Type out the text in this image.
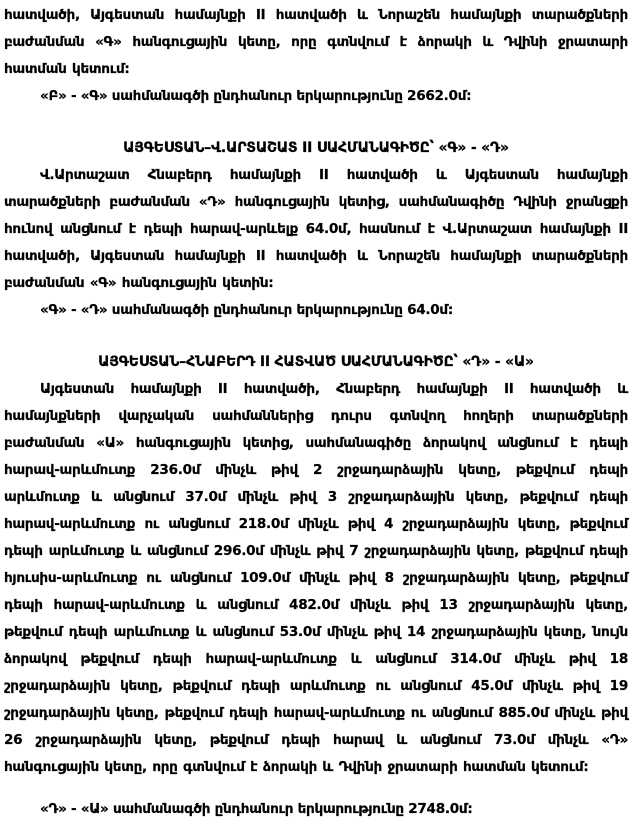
հատվածի, Այգեստան համայնքի II հատվածի և Նորաշեն համայնքի տարածքների բաժանման «Գ» հանգուցային կետը, որը գտնվում է ձորակի և Դվինի ջրատարի հատման կետում:

«Բ» - «Գ» սահմանագծի ընդհանուր երկարությունը 2662.0մ:

ԱՅԳԵՍՏԱՆ–Վ.ԱՐՏԱՇԱՏ II ՍԱՀՄԱՆԱԳԻԾԸ՝ «Գ» - «Դ»

Վ.Արտաշատ Հնաբերդ համայնքի II հատվածի և Այգեստան համայնքի տարածքների բաժանման «Դ» հանգուցային կետից, սահմանագիծը Դվինի ջրանցքի հունով անցնում է դեպի հարավ-արևելք 64.0մ, հասնում է Վ.Արտաշատ համայնքի II հատվածի, Այգեստան համայնքի II հատվածի և Նորաշեն համայնքի տարածքների բաժանման «Գ» հանգուցային կետին:

«Գ» - «Դ» սահմանագծի ընդհանուր երկարությունը 64.0մ:

ԱՅԳԵՍՏԱՆ–ՀՆԱԲԵՐԴ II ՀԱՏՎԱԾ ՍԱՀՄԱՆԱԳԻԾԸ՝ «Դ» - «Ա»

Այգեստան համայնքի II հատվածի, Հնաբերդ համայնքի II հատվածի և համայնքների վարչական սահմաններից դուրս գտնվող հողերի տարածքների բաժանման «Ա» հանգուցային կետից, սահմանագիծը ձորակով անցնում է դեպի հարավ-արևմուտք 236.0մ մինչև թիվ 2 շրջադարձային կետը, թեքվում դեպի արևմուտք և անցնում 37.0մ մինչև թիվ 3 շրջադարձային կետը, թեքվում դեպի հարավ-արևմուտք ու անցնում 218.0մ մինչև թիվ 4 շրջադարձային կետը, թեքվում դեպի արևմուտք և անցնում 296.0մ մինչև թիվ 7 շրջադարձային կետը, թեքվում դեպի հյուսիս-արևմուտք ու անցնում 109.0մ մինչև թիվ 8 շրջադարձային կետը, թեքվում դեպի հարավ-արևմուտք և անցնում 482.0մ մինչև թիվ 13 շրջադարձային կետը, թեքվում դեպի արևմուտք և անցնում 53.0մ մինչև թիվ 14 շրջադարձային կետը, նույն ձորակով թեքվում դեպի հարավ-արևմուտք և անցնում 314.0մ մինչև թիվ 18 շրջադարձային կետը, թեքվում դեպի արևմուտք ու անցնում 45.0մ մինչև թիվ 19 շրջադարձային կետը, թեքվում դեպի հարավ-արևմուտք ու անցնում 885.0մ մինչև թիվ 26 շրջադարձային կետը, թեքվում դեպի հարավ և անցնում 73.0մ մինչև «Դ» հանգուցային կետը, որը գտնվում է ձորակի և Դվինի ջրատարի հատման կետում:

«Դ» - «Ա» սահմանագծի ընդհանուր երկարությունը 2748.0մ:
